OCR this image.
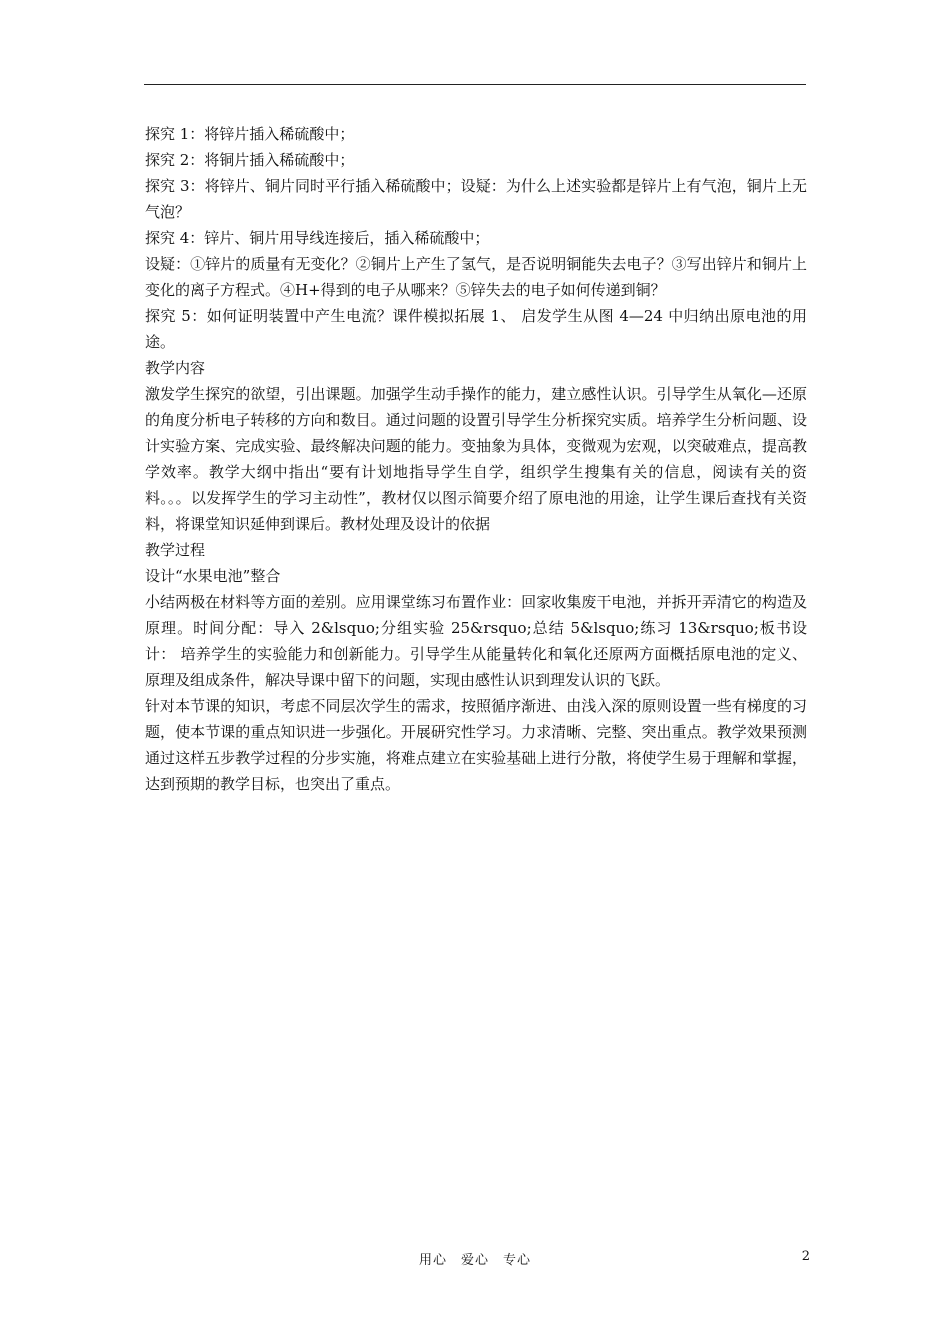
探究 1：将锌片插入稀硫酸中；

探究 2：将铜片插入稀硫酸中；

探究 3：将锌片、铜片同时平行插入稀硫酸中；设疑：为什么上述实验都是锌片上有气泡，铜片上无气泡？

探究 4：锌片、铜片用导线连接后，插入稀硫酸中；

设疑：①锌片的质量有无变化？②铜片上产生了氢气，是否说明铜能失去电子？③写出锌片和铜片上变化的离子方程式。④H+得到的电子从哪来？⑤锌失去的电子如何传递到铜？

探究 5：如何证明装置中产生电流？课件模拟拓展 1、 启发学生从图 4—24 中归纳出原电池的用途。

教学内容

激发学生探究的欲望，引出课题。加强学生动手操作的能力，建立感性认识。引导学生从氧化—还原的角度分析电子转移的方向和数目。通过问题的设置引导学生分析探究实质。培养学生分析问题、设计实验方案、完成实验、最终解决问题的能力。变抽象为具体，变微观为宏观，以突破难点，提高教学效率。教学大纲中指出“要有计划地指导学生自学，组织学生搜集有关的信息，阅读有关的资料。。。以发挥学生的学习主动性”，教材仅以图示简要介绍了原电池的用途，让学生课后查找有关资料，将课堂知识延伸到课后。教材处理及设计的依据

教学过程

设计“水果电池”整合

小结两极在材料等方面的差别。应用课堂练习布置作业：回家收集废干电池，并拆开弄清它的构造及原理。时间分配：导入 2&lsquo;分组实验 25&rsquo;总结 5&lsquo;练习 13&rsquo;板书设计： 培养学生的实验能力和创新能力。引导学生从能量转化和氧化还原两方面概括原电池的定义、原理及组成条件，解决导课中留下的问题，实现由感性认识到理发认识的飞跃。

针对本节课的知识，考虑不同层次学生的需求，按照循序渐进、由浅入深的原则设置一些有梯度的习题，使本节课的重点知识进一步强化。开展研究性学习。力求清晰、完整、突出重点。教学效果预测 通过这样五步教学过程的分步实施，将难点建立在实验基础上进行分散，将使学生易于理解和掌握，达到预期的教学目标，也突出了重点。

用心　爱心　专心	2
